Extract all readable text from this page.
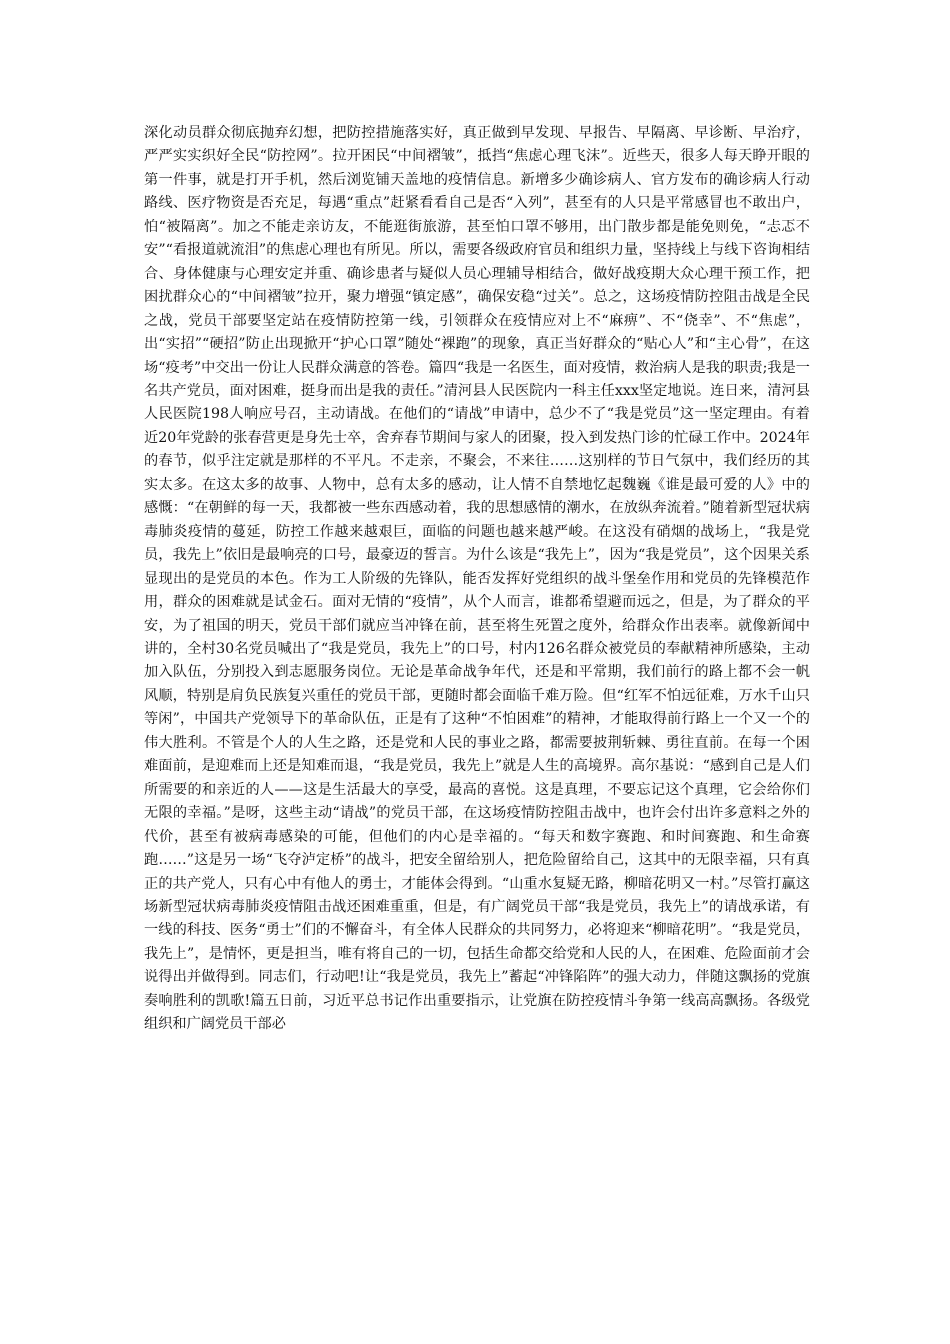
深化动员群众彻底抛弃幻想，把防控措施落实好，真正做到早发现、早报告、早隔离、早诊断、早治疗，严严实实织好全民“防控网”。拉开困民“中间褶皱”，抵挡“焦虑心理飞沫”。近些天，很多人每天睁开眼的第一件事，就是打开手机，然后浏览铺天盖地的疫情信息。新增多少确诊病人、官方发布的确诊病人行动路线、医疗物资是否充足，每遇“重点”赶紧看看自己是否“入列”，甚至有的人只是平常感冒也不敢出户，怕“被隔离”。加之不能走亲访友，不能逛街旅游，甚至怕口罩不够用，出门散步都是能免则免，“忐忑不安”“看报道就流泪”的焦虑心理也有所见。所以，需要各级政府官员和组织力量，坚持线上与线下咨询相结合、身体健康与心理安定并重、确诊患者与疑似人员心理辅导相结合，做好战疫期大众心理干预工作，把困扰群众心的“中间褶皱”拉开，聚力增强“镇定感”，确保安稳“过关”。总之，这场疫情防控阻击战是全民之战，党员干部要坚定站在疫情防控第一线，引领群众在疫情应对上不“麻痹”、不“侥幸”、不“焦虑”，出“实招”“硬招”防止出现掀开“护心口罩”随处“裸跑”的现象，真正当好群众的“贴心人”和“主心骨”，在这场“疫考”中交出一份让人民群众满意的答卷。篇四“我是一名医生，面对疫情，救治病人是我的职责;我是一名共产党员，面对困难，挺身而出是我的责任。”清河县人民医院内一科主任xxx坚定地说。连日来，清河县人民医院198人响应号召，主动请战。在他们的“请战”申请中，总少不了“我是党员”这一坚定理由。有着近20年党龄的张春营更是身先士卒，舍弃春节期间与家人的团聚，投入到发热门诊的忙碌工作中。2024年的春节，似乎注定就是那样的不平凡。不走亲，不聚会，不来往……这别样的节日气氛中，我们经历的其实太多。在这太多的故事、人物中，总有太多的感动，让人情不自禁地忆起魏巍《谁是最可爱的人》中的感慨：“在朝鲜的每一天，我都被一些东西感动着，我的思想感情的潮水，在放纵奔流着。”随着新型冠状病毒肺炎疫情的蔓延，防控工作越来越艰巨，面临的问题也越来越严峻。在这没有硝烟的战场上，“我是党员，我先上”依旧是最响亮的口号，最豪迈的誓言。为什么该是“我先上”，因为“我是党员”，这个因果关系显现出的是党员的本色。作为工人阶级的先锋队，能否发挥好党组织的战斗堡垒作用和党员的先锋模范作用，群众的困难就是试金石。面对无情的“疫情”，从个人而言，谁都希望避而远之，但是，为了群众的平安，为了祖国的明天，党员干部们就应当冲锋在前，甚至将生死置之度外，给群众作出表率。就像新闻中讲的，全村30名党员喊出了“我是党员，我先上”的口号，村内126名群众被党员的奉献精神所感染，主动加入队伍，分别投入到志愿服务岗位。无论是革命战争年代，还是和平常期，我们前行的路上都不会一帆风顺，特别是肩负民族复兴重任的党员干部，更随时都会面临千难万险。但“红军不怕远征难，万水千山只等闲”，中国共产党领导下的革命队伍，正是有了这种“不怕困难”的精神，才能取得前行路上一个又一个的伟大胜利。不管是个人的人生之路，还是党和人民的事业之路，都需要披荆斩棘、勇往直前。在每一个困难面前，是迎难而上还是知难而退，“我是党员，我先上”就是人生的高境界。高尔基说：“感到自己是人们所需要的和亲近的人——这是生活最大的享受，最高的喜悦。这是真理，不要忘记这个真理，它会给你们无限的幸福。”是呀，这些主动“请战”的党员干部，在这场疫情防控阻击战中，也许会付出许多意料之外的代价，甚至有被病毒感染的可能，但他们的内心是幸福的。“每天和数字赛跑、和时间赛跑、和生命赛跑……”这是另一场“飞夺泸定桥”的战斗，把安全留给别人，把危险留给自己，这其中的无限幸福，只有真正的共产党人，只有心中有他人的勇士，才能体会得到。“山重水复疑无路，柳暗花明又一村。”尽管打赢这场新型冠状病毒肺炎疫情阻击战还困难重重，但是，有广阔党员干部“我是党员，我先上”的请战承诺，有一线的科技、医务“勇士”们的不懈奋斗，有全体人民群众的共同努力，必将迎来“柳暗花明”。“我是党员，我先上”，是情怀，更是担当，唯有将自己的一切，包括生命都交给党和人民的人，在困难、危险面前才会说得出并做得到。同志们，行动吧!让“我是党员，我先上”蓄起“冲锋陷阵”的强大动力，伴随这飘扬的党旗奏响胜利的凯歌!篇五日前，习近平总书记作出重要指示，让党旗在防控疫情斗争第一线高高飘扬。各级党组织和广阔党员干部必
